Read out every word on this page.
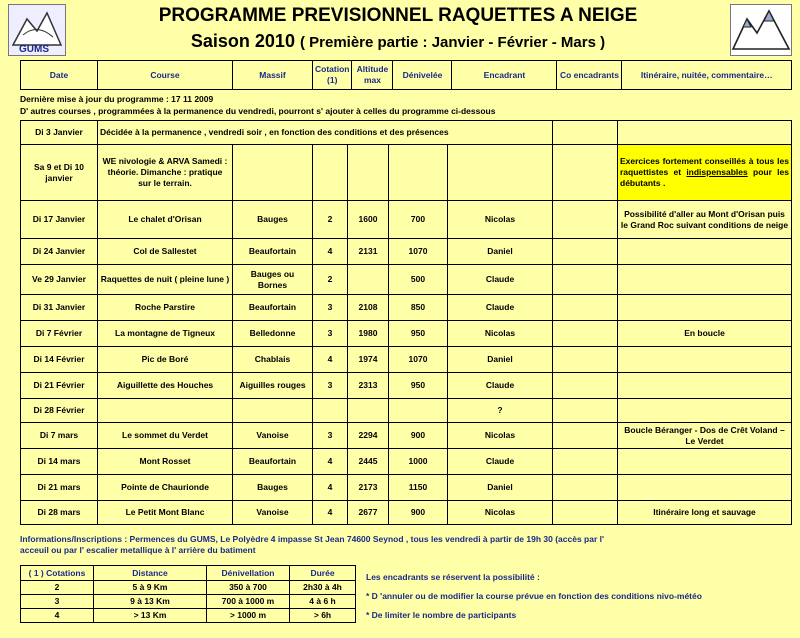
GUMS
PROGRAMME PREVISIONNEL RAQUETTES A NEIGE
Saison 2010 ( Première partie : Janvier - Février - Mars )
Date	Course	Massif	Cotation (1)	Altitude max	Dénivelée	Encadrant	Co encadrants	Itinéraire, nuitée, commentaire…
Dernière mise à jour du programme : 17 11 2009
D' autres courses , programmées à la permanence du vendredi, pourront s' ajouter à celles du programme ci-dessous
Di 3 Janvier	Décidée à la permanence , vendredi soir , en fonction des conditions et des présences							
Sa 9 et Di 10 janvier	WE nivologie & ARVA Samedi : théorie. Dimanche : pratique sur le terrain.							Exercices fortement conseillés à tous les raquettistes et indispensables pour les débutants .
Di 17 Janvier	Le chalet d'Orisan	Bauges	2	1600	700	Nicolas		Possibilité d'aller au Mont d'Orisan puis le Grand Roc suivant conditions de neige
Di 24 Janvier	Col de Sallestet	Beaufortain	4	2131	1070	Daniel		
Ve 29 Janvier	Raquettes de nuit ( pleine lune )	Bauges ou Bornes	2		500	Claude		
Di 31 Janvier	Roche Parstire	Beaufortain	3	2108	850	Claude		
Di 7 Février	La montagne de Tigneux	Belledonne	3	1980	950	Nicolas		En boucle
Di 14 Février	Pic de Boré	Chablais	4	1974	1070	Daniel		
Di 21 Février	Aiguillette des Houches	Aiguilles rouges	3	2313	950	Claude		
Di 28 Février						?		
Di 7 mars	Le sommet du Verdet	Vanoise	3	2294	900	Nicolas		Boucle Béranger - Dos de Crêt Voland – Le Verdet
Di 14 mars	Mont Rosset	Beaufortain	4	2445	1000	Claude		
Di 21 mars	Pointe de Chaurionde	Bauges	4	2173	1150	Daniel		
Di 28 mars	Le Petit Mont Blanc	Vanoise	4	2677	900	Nicolas		Itinéraire long et sauvage
Informations/Inscriptions : Permences du GUMS, Le Polyèdre 4 impasse St Jean 74600 Seynod , tous les vendredi à partir de 19h 30 (accès par l' acceuil ou par l' escalier metallique à l' arrière du batiment
( 1 ) Cotations	Distance	Dénivellation	Durée
2	5 à 9 Km	350 à 700	2h30 à 4h
3	9 à 13 Km	700 à 1000 m	4 à 6 h
4	> 13 Km	> 1000 m	> 6h
Les encadrants se réservent la possibilité :
* D 'annuler ou de modifier la course prévue en fonction des conditions nivo-météo
* De limiter le nombre de participants
